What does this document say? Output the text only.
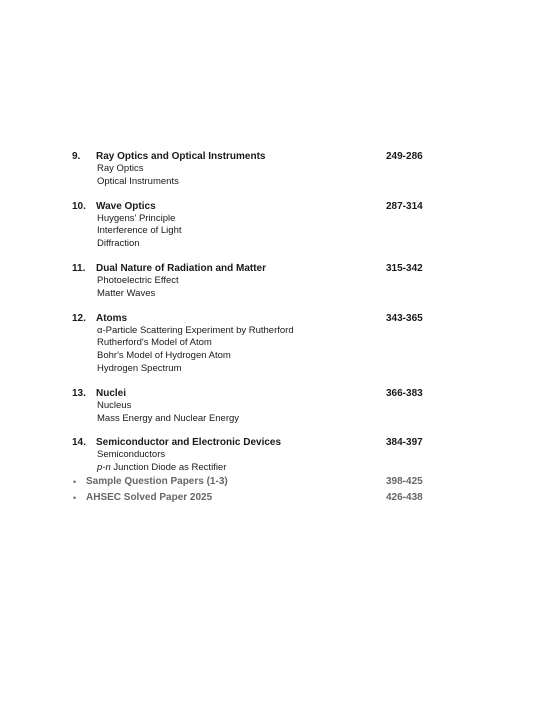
9. Ray Optics and Optical Instruments	249-286
Ray Optics
Optical Instruments
10. Wave Optics	287-314
Huygens' Principle
Interference of Light
Diffraction
11. Dual Nature of Radiation and Matter	315-342
Photoelectric Effect
Matter Waves
12. Atoms	343-365
α-Particle Scattering Experiment by Rutherford
Rutherford's Model of Atom
Bohr's Model of Hydrogen Atom
Hydrogen Spectrum
13. Nuclei	366-383
Nucleus
Mass Energy and Nuclear Energy
14. Semiconductor and Electronic Devices	384-397
Semiconductors
p-n Junction Diode as Rectifier
• Sample Question Papers (1-3)	398-425
• AHSEC Solved Paper 2025	426-438
